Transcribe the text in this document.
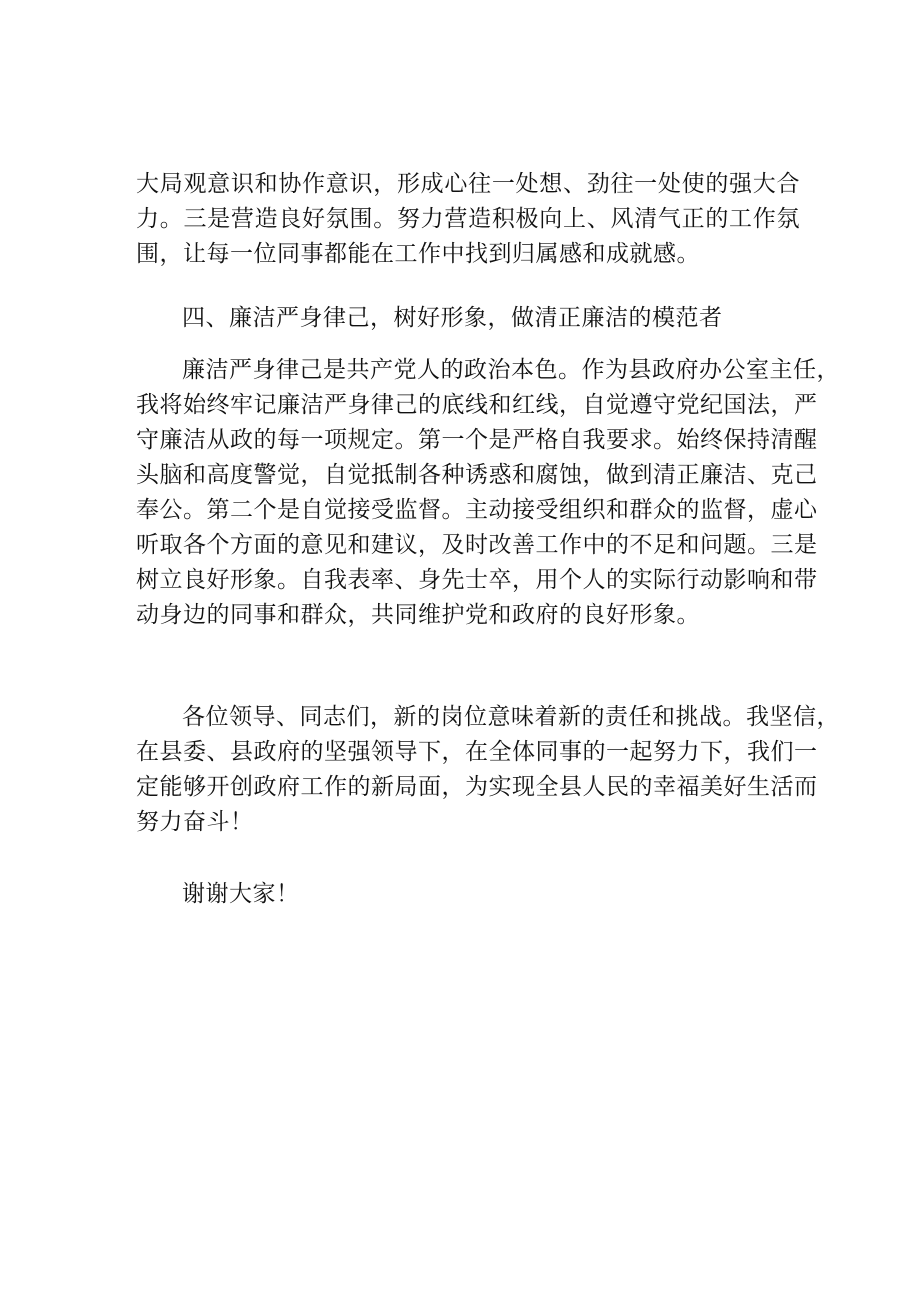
大局观意识和协作意识，形成心往一处想、劲往一处使的强大合
力。三是营造良好氛围。努力营造积极向上、风清气正的工作氛
围，让每一位同事都能在工作中找到归属感和成就感。

四、廉洁严身律己，树好形象，做清正廉洁的模范者

廉洁严身律己是共产党人的政治本色。作为县政府办公室主任，
我将始终牢记廉洁严身律己的底线和红线，自觉遵守党纪国法，严
守廉洁从政的每一项规定。第一个是严格自我要求。始终保持清醒
头脑和高度警觉，自觉抵制各种诱惑和腐蚀，做到清正廉洁、克己
奉公。第二个是自觉接受监督。主动接受组织和群众的监督，虚心
听取各个方面的意见和建议，及时改善工作中的不足和问题。三是
树立良好形象。自我表率、身先士卒，用个人的实际行动影响和带
动身边的同事和群众，共同维护党和政府的良好形象。

各位领导、同志们，新的岗位意味着新的责任和挑战。我坚信，
在县委、县政府的坚强领导下，在全体同事的一起努力下，我们一
定能够开创政府工作的新局面，为实现全县人民的幸福美好生活而
努力奋斗！

谢谢大家！
